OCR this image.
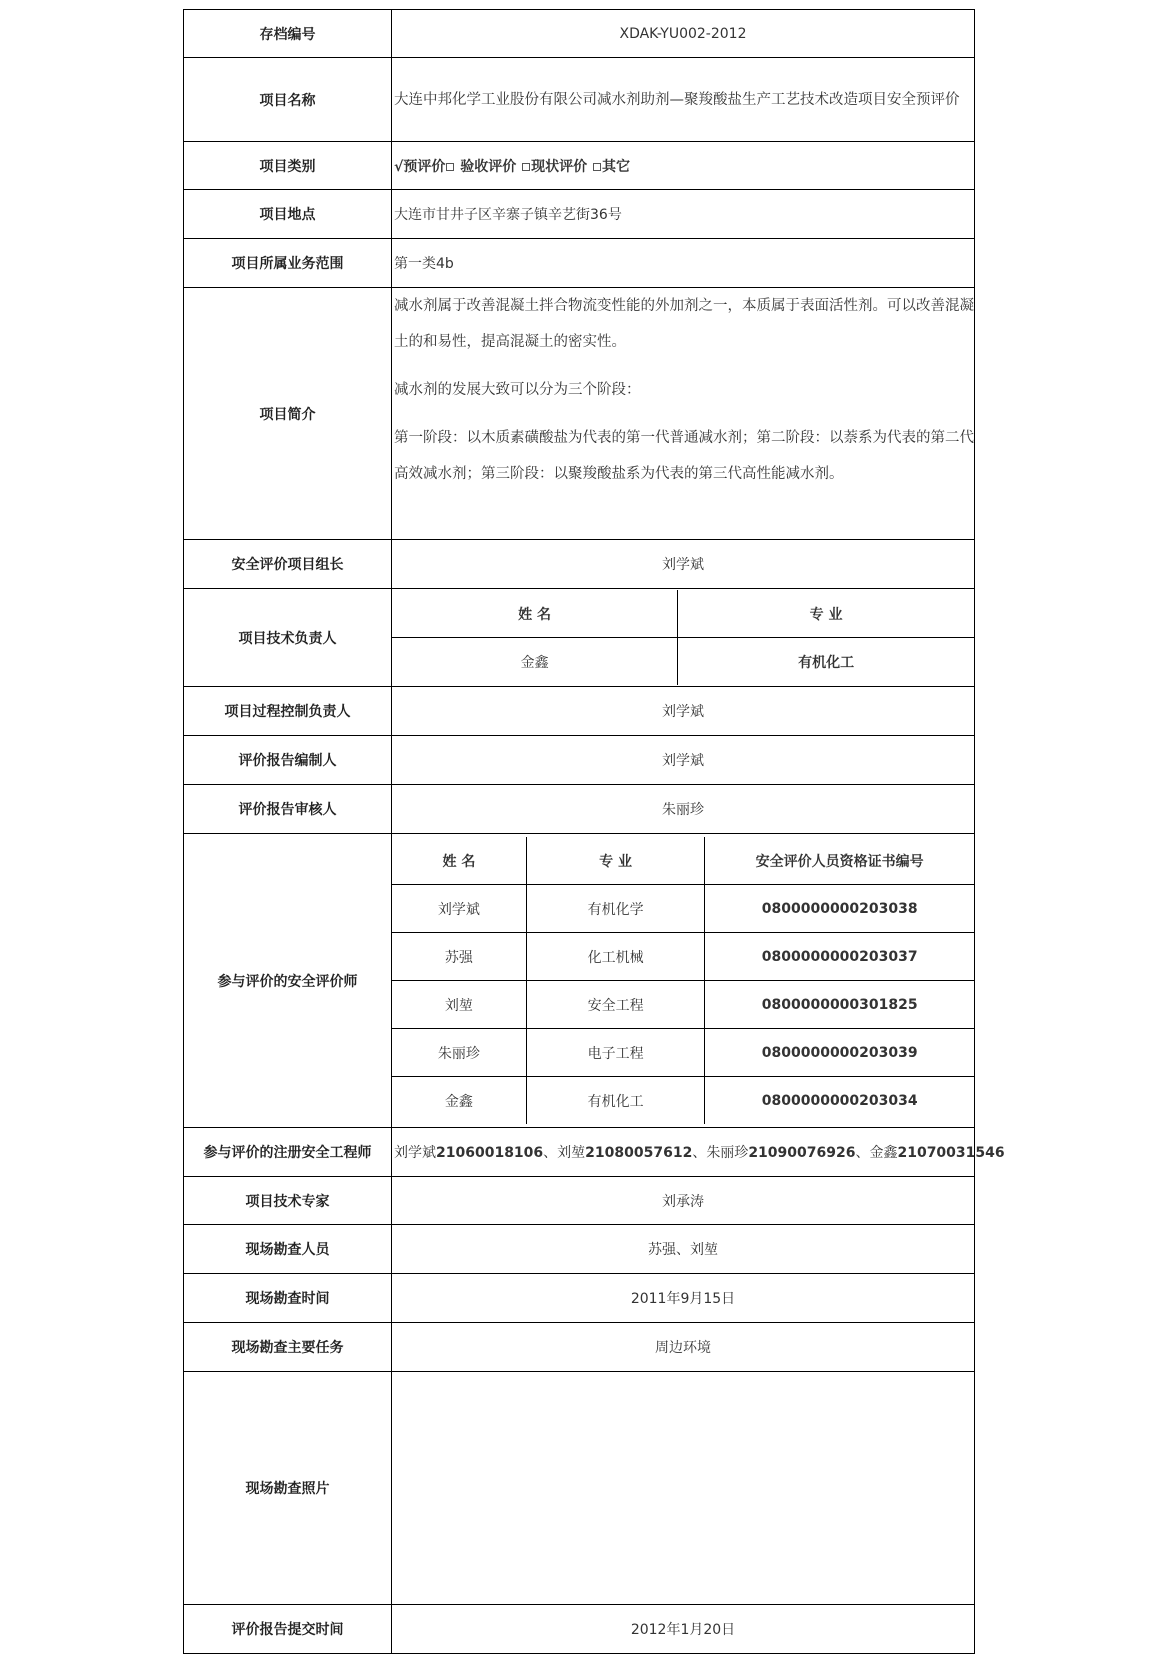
存档编号	XDAK-YU002-2012
项目名称	大连中邦化学工业股份有限公司减水剂助剂—聚羧酸盐生产工艺技术改造项目安全预评价
项目类别	√预评价 验收评价 现状评价 其它
项目地点	大连市甘井子区辛寨子镇辛艺街36号
项目所属业务范围	第一类4b
项目简介	

减水剂属于改善混凝土拌合物流变性能的外加剂之一，本质属于表面活性剂。可以改善混凝土的和易性，提高混凝土的密实性。

减水剂的发展大致可以分为三个阶段：

第一阶段：以木质素磺酸盐为代表的第一代普通减水剂；第二阶段：以萘系为代表的第二代高效减水剂；第三阶段：以聚羧酸盐系为代表的第三代高性能减水剂。

安全评价项目组长	刘学斌
项目技术负责人	
姓 名	专 业
金鑫	有机化工

项目过程控制负责人	刘学斌
评价报告编制人	刘学斌
评价报告审核人	朱丽珍
参与评价的安全评价师	
姓 名	专 业	安全评价人员资格证书编号
刘学斌	有机化学	0800000000203038
苏强	化工机械	0800000000203037
刘堃	安全工程	0800000000301825
朱丽珍	电子工程	0800000000203039
金鑫	有机化工	0800000000203034

参与评价的注册安全工程师	刘学斌21060018106、刘堃21080057612、朱丽珍21090076926、金鑫21070031546
项目技术专家	刘承涛
现场勘查人员	苏强、刘堃
现场勘查时间	2011年9月15日
现场勘查主要任务	周边环境
现场勘查照片	
评价报告提交时间	2012年1月20日
